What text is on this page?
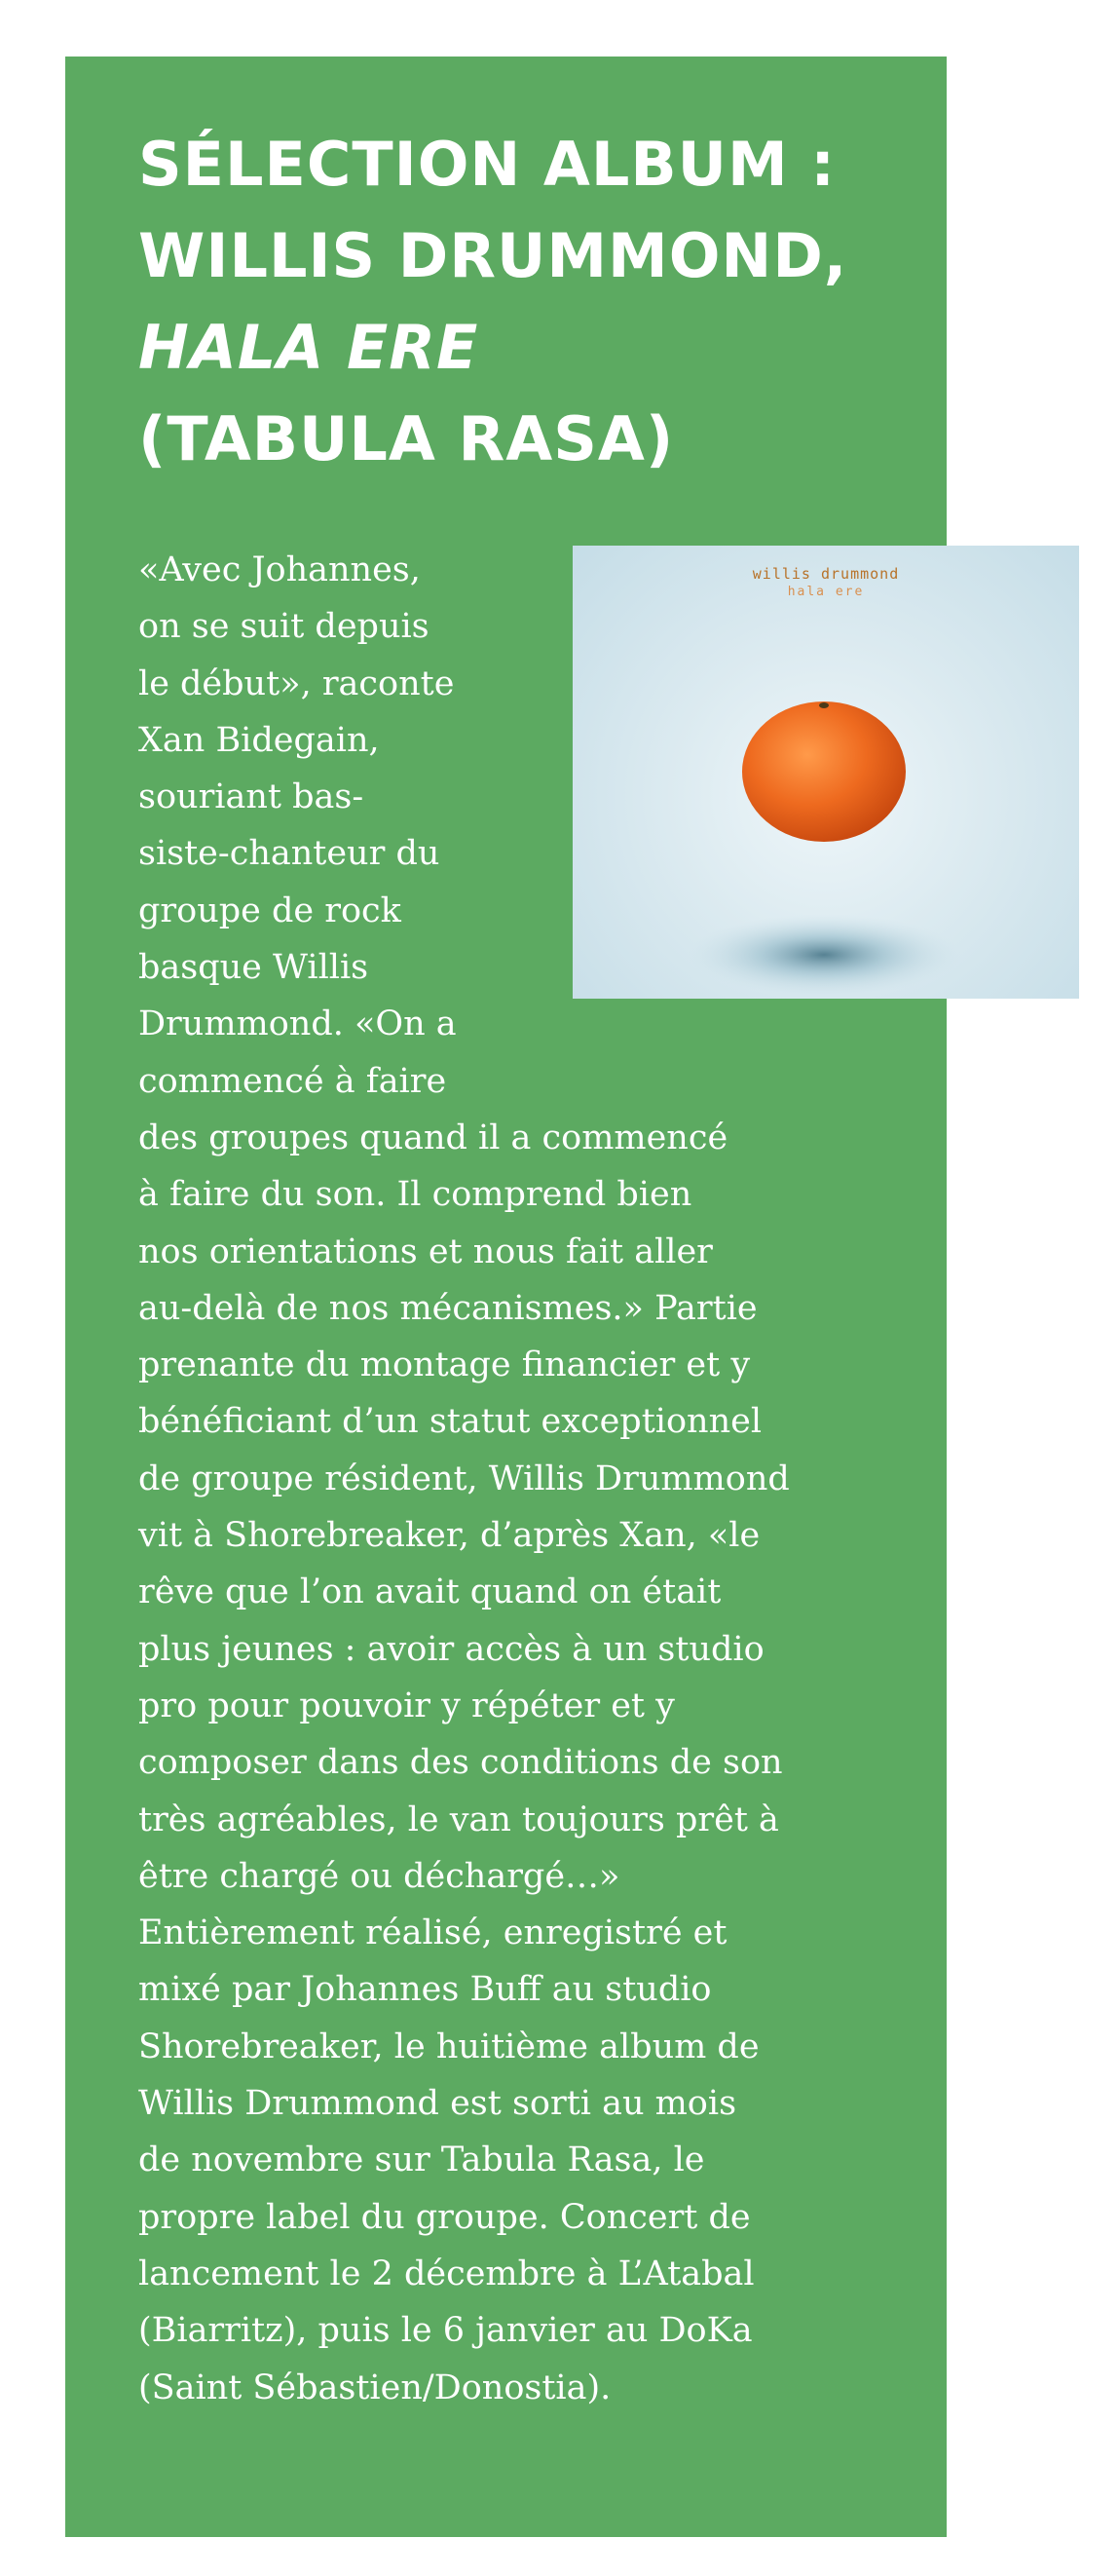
SÉLECTION ALBUM :
WILLIS DRUMMOND,
HALA ERE
(TABULA RASA)
willis drummond
hala ere
«Avec Johannes,
on se suit depuis
le début», raconte
Xan Bidegain,
souriant bas-
siste-chanteur du
groupe de rock
basque Willis
Drummond. «On a
commencé à faire
des groupes quand il a commencé
à faire du son. Il comprend bien
nos orientations et nous fait aller
au-delà de nos mécanismes.» Partie
prenante du montage financier et y
bénéficiant d’un statut exceptionnel
de groupe résident, Willis Drummond
vit à Shorebreaker, d’après Xan, «le
rêve que l’on avait quand on était
plus jeunes : avoir accès à un studio
pro pour pouvoir y répéter et y
composer dans des conditions de son
très agréables, le van toujours prêt à
être chargé ou déchargé…»
Entièrement réalisé, enregistré et
mixé par Johannes Buff au studio
Shorebreaker, le huitième album de
Willis Drummond est sorti au mois
de novembre sur Tabula Rasa, le
propre label du groupe. Concert de
lancement le 2 décembre à L’Atabal
(Biarritz), puis le 6 janvier au DoKa
(Saint Sébastien/Donostia).
